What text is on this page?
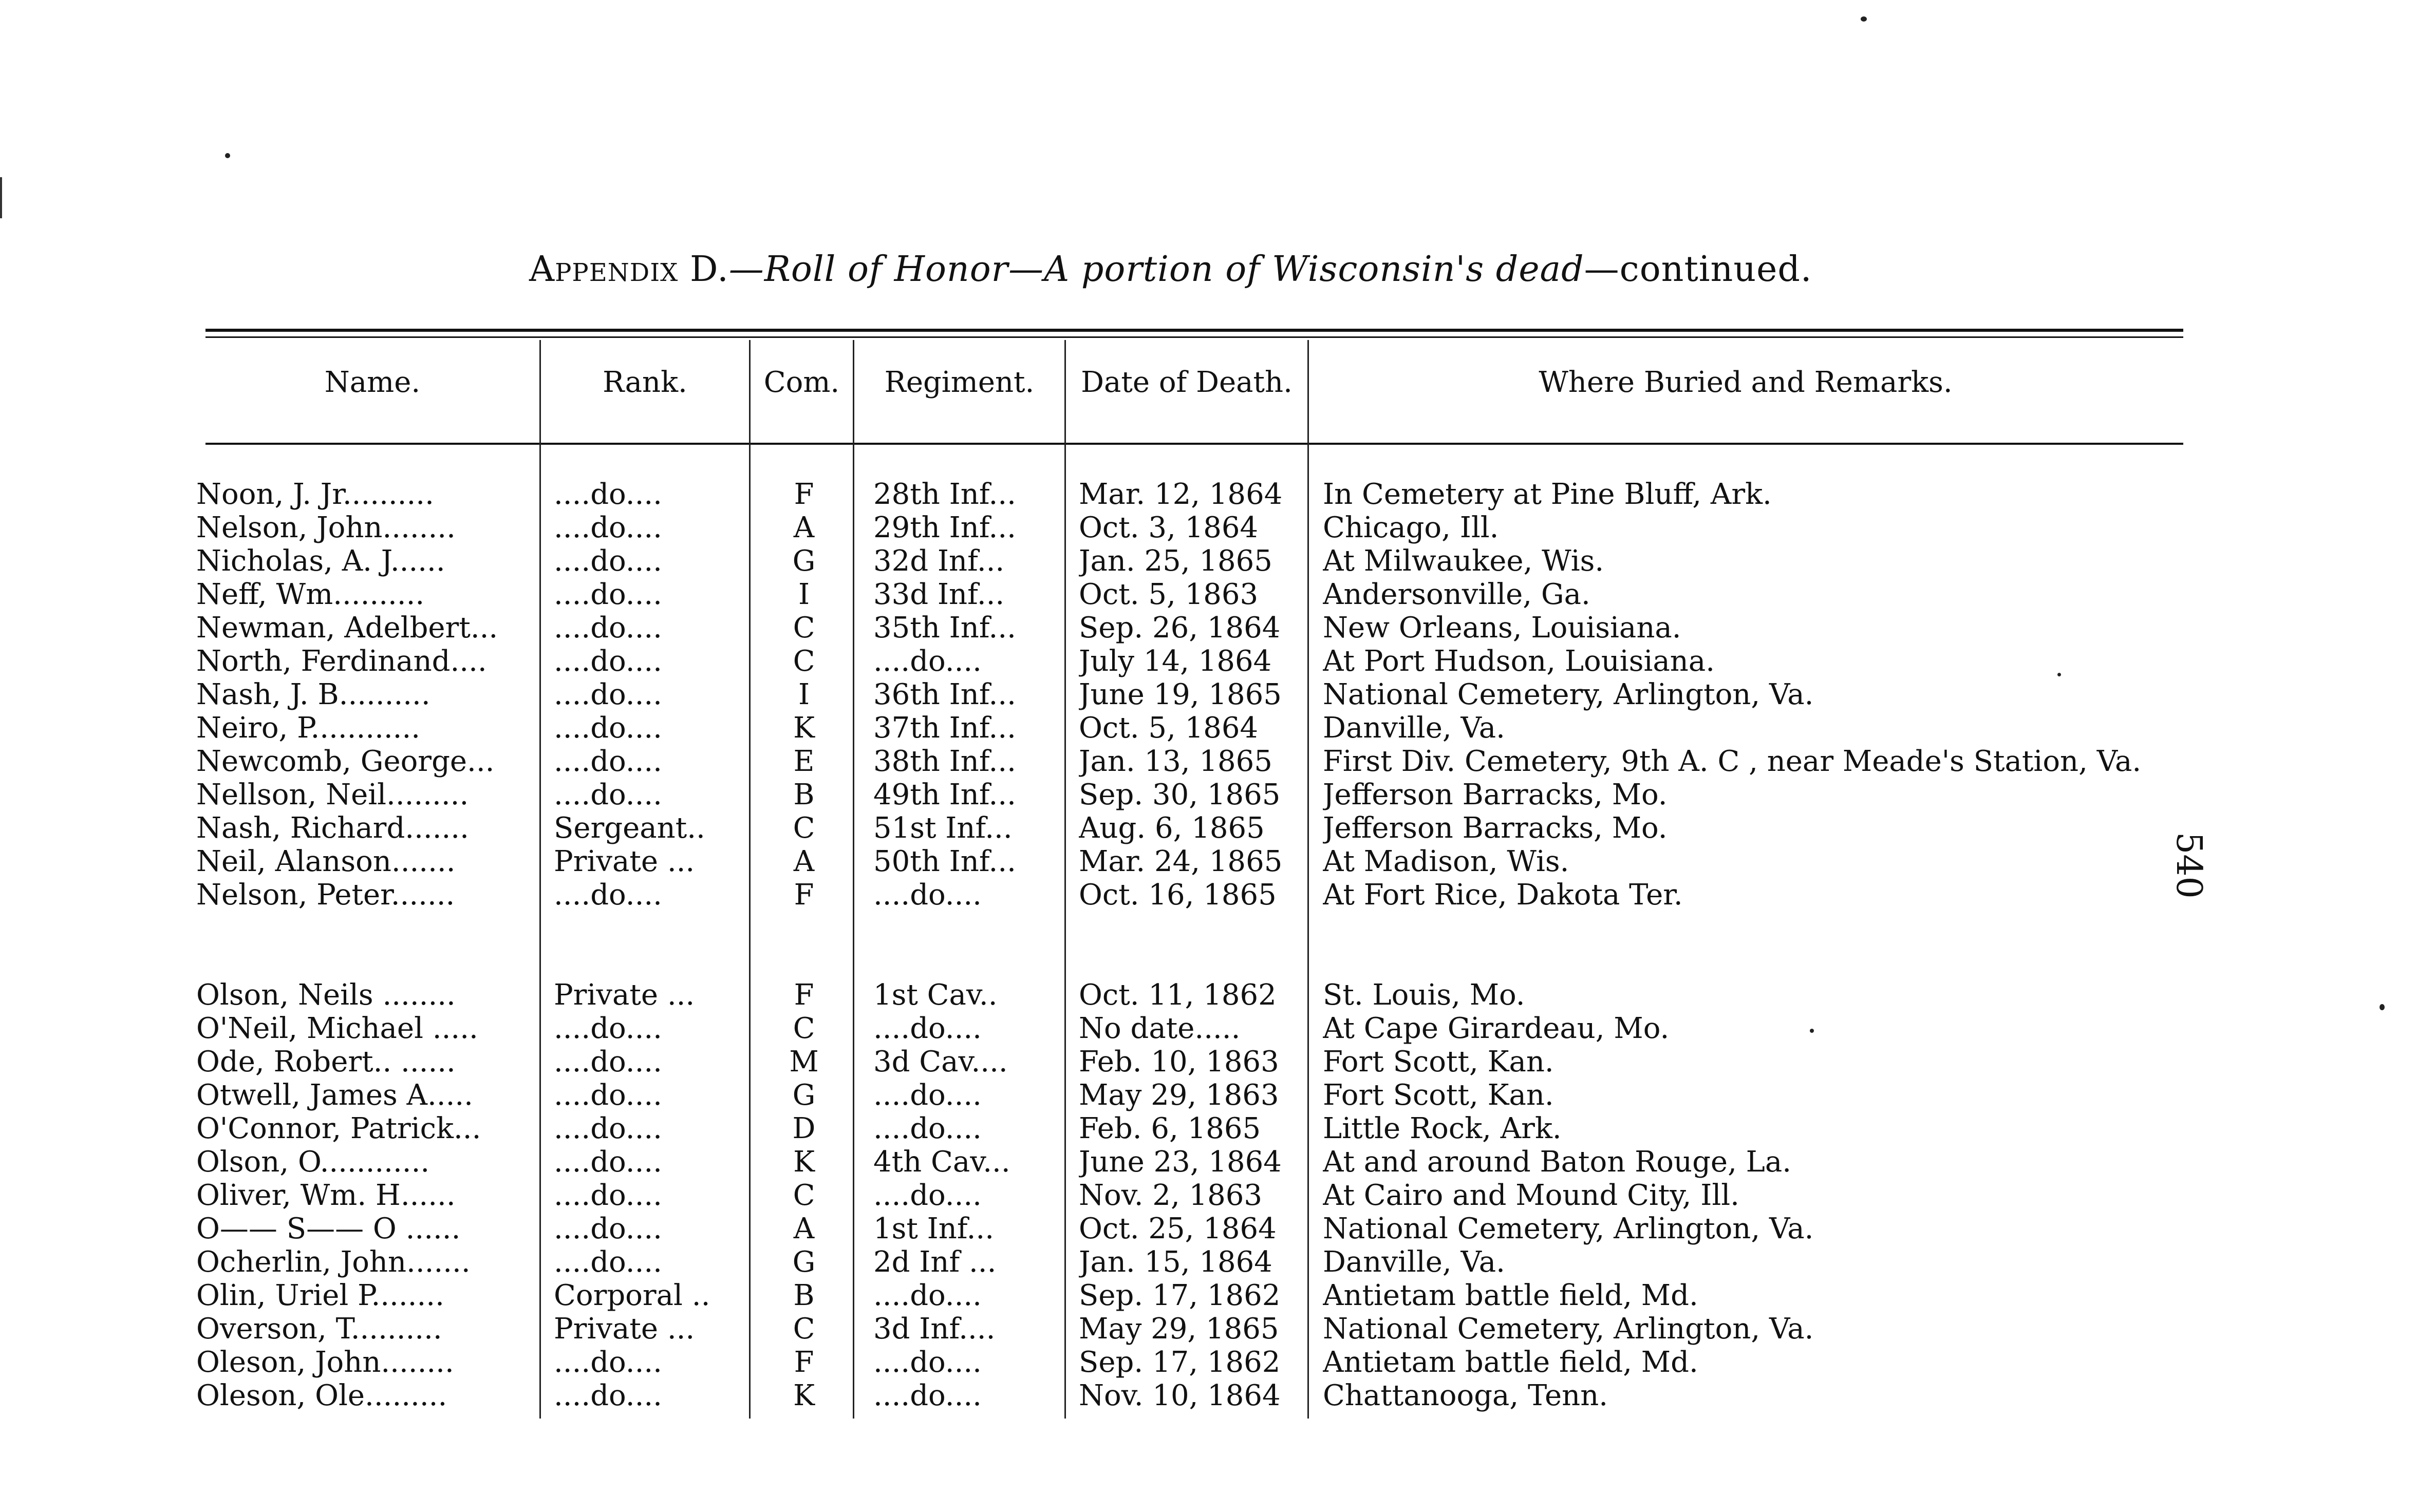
Appendix D.—Roll of Honor—A portion of Wisconsin's dead—continued.
Name.	Rank.	Com.	Regiment.	Date of Death.	Where Buried and Remarks.
Noon, J. Jr..........	....do....	F	28th Inf...	Mar. 12, 1864	In Cemetery at Pine Bluff, Ark.
Nelson, John........	....do....	A	29th Inf...	Oct. 3, 1864	Chicago, Ill.
Nicholas, A. J......	....do....	G	32d Inf...	Jan. 25, 1865	At Milwaukee, Wis.
Neff, Wm..........	....do....	I	33d Inf...	Oct. 5, 1863	Andersonville, Ga.
Newman, Adelbert...	....do....	C	35th Inf...	Sep. 26, 1864	New Orleans, Louisiana.
North, Ferdinand....	....do....	C	....do....	July 14, 1864	At Port Hudson, Louisiana.
Nash, J. B..........	....do....	I	36th Inf...	June 19, 1865	National Cemetery, Arlington, Va.
Neiro, P............	....do....	K	37th Inf...	Oct. 5, 1864	Danville, Va.
Newcomb, George...	....do....	E	38th Inf...	Jan. 13, 1865	First Div. Cemetery, 9th A. C , near Meade's Station, Va.
Nellson, Neil.........	....do....	B	49th Inf...	Sep. 30, 1865	Jefferson Barracks, Mo.
Nash, Richard.......	Sergeant..	C	51st Inf...	Aug. 6, 1865	Jefferson Barracks, Mo.
Neil, Alanson.......	Private ...	A	50th Inf...	Mar. 24, 1865	At Madison, Wis.
Nelson, Peter.......	....do....	F	....do....	Oct. 16, 1865	At Fort Rice, Dakota Ter.
Olson, Neils ........	Private ...	F	1st Cav..	Oct. 11, 1862	St. Louis, Mo.
O'Neil, Michael .....	....do....	C	....do....	No date.....	At Cape Girardeau, Mo.
Ode, Robert.. ......	....do....	M	3d Cav....	Feb. 10, 1863	Fort Scott, Kan.
Otwell, James A.....	....do....	G	....do....	May 29, 1863	Fort Scott, Kan.
O'Connor, Patrick...	....do....	D	....do....	Feb. 6, 1865	Little Rock, Ark.
Olson, O............	....do....	K	4th Cav...	June 23, 1864	At and around Baton Rouge, La.
Oliver, Wm. H......	....do....	C	....do....	Nov. 2, 1863	At Cairo and Mound City, Ill.
O—— S—— O ......	....do....	A	1st Inf...	Oct. 25, 1864	National Cemetery, Arlington, Va.
Ocherlin, John.......	....do....	G	2d Inf ...	Jan. 15, 1864	Danville, Va.
Olin, Uriel P........	Corporal ..	B	....do....	Sep. 17, 1862	Antietam battle field, Md.
Overson, T..........	Private ...	C	3d Inf....	May 29, 1865	National Cemetery, Arlington, Va.
Oleson, John........	....do....	F	....do....	Sep. 17, 1862	Antietam battle field, Md.
Oleson, Ole.........	....do....	K	....do....	Nov. 10, 1864	Chattanooga, Tenn.
540
